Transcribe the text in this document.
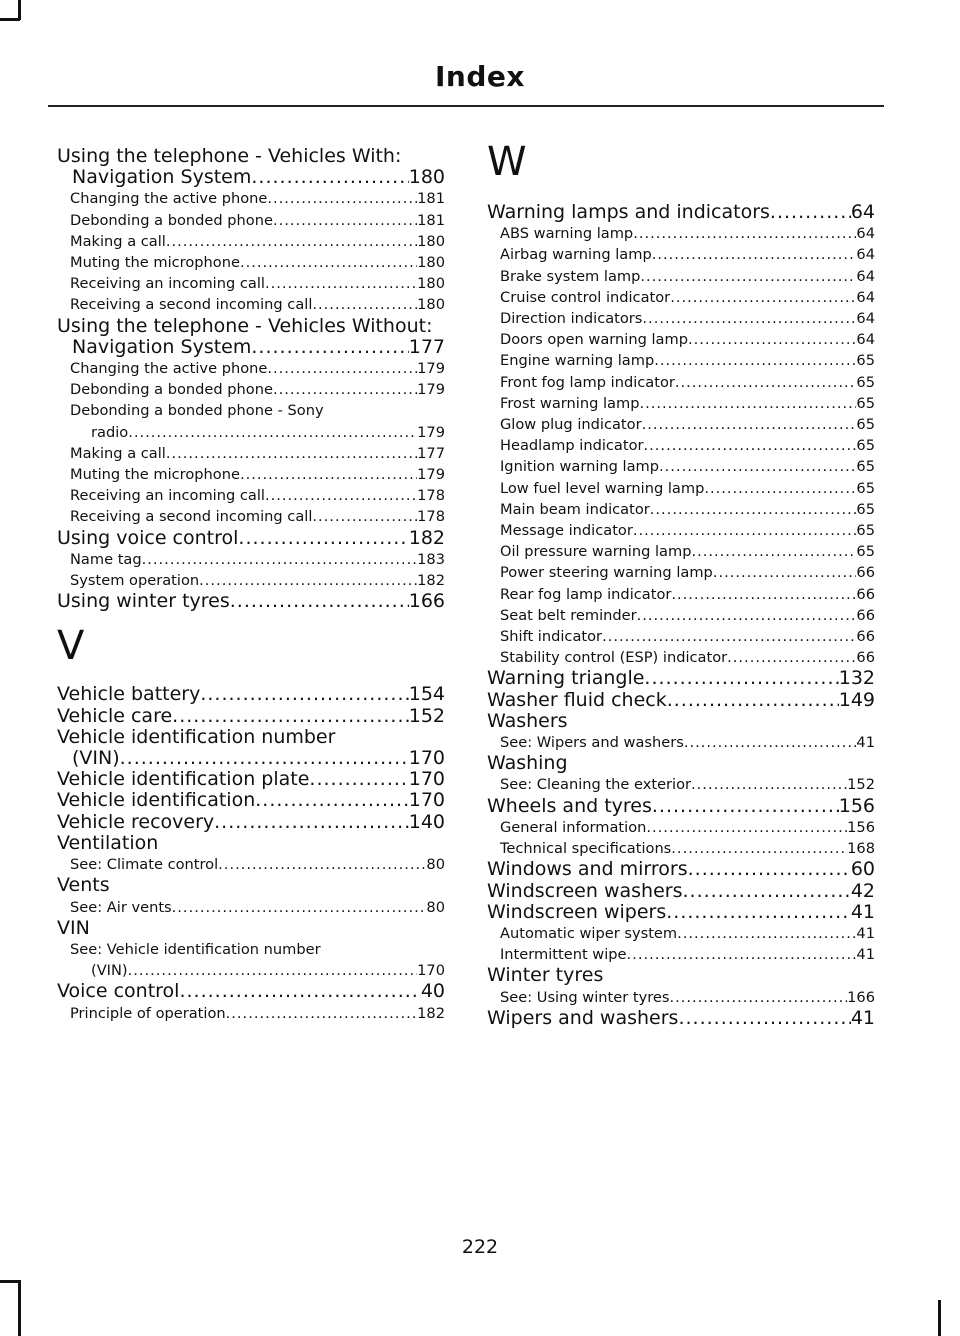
Index
Using the telephone - Vehicles With:
Navigation System .....	180
Changing the active phone .....	181
Debonding a bonded phone .....	181
Making a call .....	180
Muting the microphone .....	180
Receiving an incoming call .....	180
Receiving a second incoming call .....	180
Using the telephone - Vehicles Without:
Navigation System .....	177
Changing the active phone .....	179
Debonding a bonded phone .....	179
Debonding a bonded phone - Sony
radio .....	179
Making a call .....	177
Muting the microphone .....	179
Receiving an incoming call .....	178
Receiving a second incoming call .....	178
Using voice control .....	182
Name tag .....	183
System operation .....	182
Using winter tyres .....	166
V
Vehicle battery .....	154
Vehicle care .....	152
Vehicle identification number
(VIN) .....	170
Vehicle identification plate .....	170
Vehicle identification .....	170
Vehicle recovery .....	140
Ventilation
See: Climate control .....	80
Vents
See: Air vents .....	80
VIN
See: Vehicle identification number
(VIN) .....	170
Voice control .....	40
Principle of operation .....	182
W
Warning lamps and indicators .....	64
ABS warning lamp .....	64
Airbag warning lamp .....	64
Brake system lamp .....	64
Cruise control indicator .....	64
Direction indicators .....	64
Doors open warning lamp .....	64
Engine warning lamp .....	65
Front fog lamp indicator .....	65
Frost warning lamp .....	65
Glow plug indicator .....	65
Headlamp indicator .....	65
Ignition warning lamp .....	65
Low fuel level warning lamp .....	65
Main beam indicator .....	65
Message indicator .....	65
Oil pressure warning lamp .....	65
Power steering warning lamp .....	66
Rear fog lamp indicator .....	66
Seat belt reminder .....	66
Shift indicator .....	66
Stability control (ESP) indicator .....	66
Warning triangle .....	132
Washer fluid check .....	149
Washers
See: Wipers and washers .....	41
Washing
See: Cleaning the exterior .....	152
Wheels and tyres .....	156
General information .....	156
Technical specifications .....	168
Windows and mirrors .....	60
Windscreen washers .....	42
Windscreen wipers .....	41
Automatic wiper system .....	41
Intermittent wipe .....	41
Winter tyres
See: Using winter tyres .....	166
Wipers and washers .....	41
222
